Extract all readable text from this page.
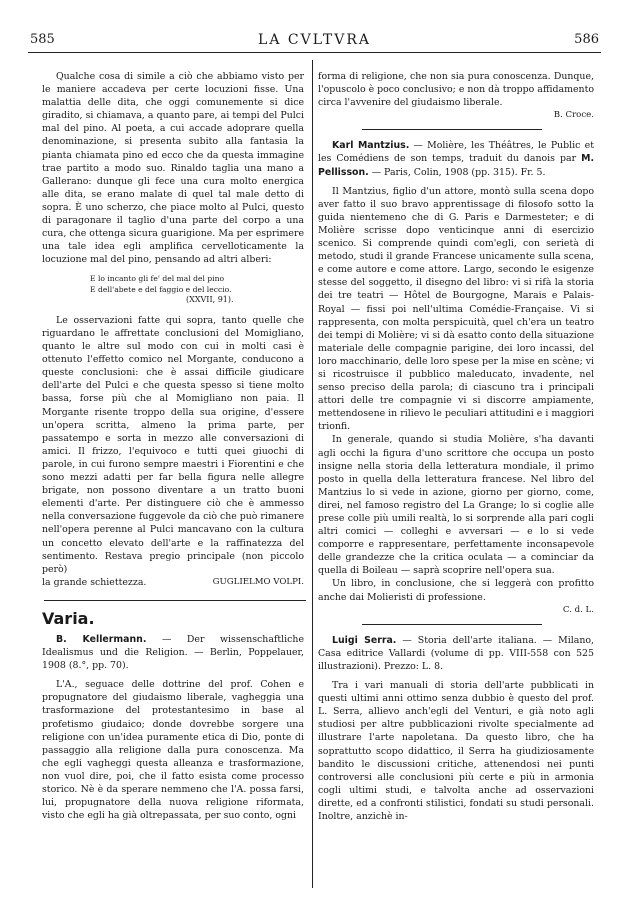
585	LA CVLTVRA	586

Qualche cosa di simile a ciò che abbiamo visto per le maniere accadeva per certe locuzioni fisse. Una malattia delle dita, che oggi comunemente si dice giradito, si chiamava, a quanto pare, ai tempi del Pulci mal del pino. Al poeta, a cui accade adoprare quella denominazione, si presenta subito alla fantasia la pianta chiamata pino ed ecco che da questa immagine trae partito a modo suo. Rinaldo taglia una mano a Gallerano: dunque gli fece una cura molto energica alle dita, se erano malate di quel tal male detto di sopra. È uno scherzo, che piace molto al Pulci, questo di paragonare il taglio d'una parte del corpo a una cura, che ottenga sicura guarigione. Ma per esprimere una tale idea egli amplifica cervelloticamente la locuzione mal del pino, pensando ad altri alberi:

E lo incanto gli fe' del mal del pino
E dell'abete e del faggio e del leccio.
(XXVII, 91).

Le osservazioni fatte qui sopra, tanto quelle che riguardano le affrettate conclusioni del Momigliano, quanto le altre sul modo con cui in molti casi è ottenuto l'effetto comico nel Morgante, conducono a queste conclusioni: che è assai difficile giudicare dell'arte del Pulci e che questa spesso si tiene molto bassa, forse più che al Momigliano non paia. Il Morgante risente troppo della sua origine, d'essere un'opera scritta, almeno la prima parte, per passatempo e sorta in mezzo alle conversazioni di amici. Il frizzo, l'equivoco e tutti quei giuochi di parole, in cui furono sempre maestri i Fiorentini e che sono mezzi adatti per far bella figura nelle allegre brigate, non possono diventare a un tratto buoni elementi d'arte. Per distinguere ciò che è ammesso nella conversazione fuggevole da ciò che può rimanere nell'opera perenne al Pulci mancavano con la cultura un concetto elevato dell'arte e la raffinatezza del sentimento. Restava pregio principale (non piccolo però)

la grande schiettezza.	GUGLIELMO VOLPI.
Varia.

B. Kellermann. — Der wissenschaftliche Idealismus und die Religion. — Berlin, Poppelauer, 1908 (8.°, pp. 70).

L'A., seguace delle dottrine del prof. Cohen e propugnatore del giudaismo liberale, vagheggia una trasformazione del protestantesimo in base al profetismo giudaico; donde dovrebbe sorgere una religione con un'idea puramente etica di Dio, ponte di passaggio alla religione dalla pura conoscenza. Ma che egli vagheggi questa alleanza e trasformazione, non vuol dire, poi, che il fatto esista come processo storico. Nè è da sperare nemmeno che l'A. possa farsi, lui, propugnatore della nuova religione riformata, visto che egli ha già oltrepassata, per suo conto, ogni

forma di religione, che non sia pura conoscenza. Dunque, l'opuscolo è poco conclusivo; e non dà troppo affidamento circa l'avvenire del giudaismo liberale.

B. Croce.

Karl Mantzius. — Molière, les Théâtres, le Public et les Comédiens de son temps, traduit du danois par M. Pellisson. — Paris, Colin, 1908 (pp. 315). Fr. 5.

Il Mantzius, figlio d'un attore, montò sulla scena dopo aver fatto il suo bravo apprentissage di filosofo sotto la guida nientemeno che di G. Paris e Darmesteter; e di Molière scrisse dopo venticinque anni di esercizio scenico. Si comprende quindi com'egli, con serietà di metodo, studi il grande Francese unicamente sulla scena, e come autore e come attore. Largo, secondo le esigenze stesse del soggetto, il disegno del libro: vi si rifà la storia dei tre teatri — Hôtel de Bourgogne, Marais e Palais-Royal — fissi poi nell'ultima Comédie-Française. Vi si rappresenta, con molta perspicuità, quel ch'era un teatro dei tempi di Molière; vi si dà esatto conto della situazione materiale delle compagnie parigine, dei loro incassi, del loro macchinario, delle loro spese per la mise en scène; vi si ricostruisce il pubblico maleducato, invadente, nel senso preciso della parola; di ciascuno tra i principali attori delle tre compagnie vi si discorre ampiamente, mettendosene in rilievo le peculiari attitudini e i maggiori trionfi.

In generale, quando si studia Molière, s'ha davanti agli occhi la figura d'uno scrittore che occupa un posto insigne nella storia della letteratura mondiale, il primo posto in quella della letteratura francese. Nel libro del Mantzius lo si vede in azione, giorno per giorno, come, direi, nel famoso registro del La Grange; lo si coglie alle prese colle più umili realtà, lo si sorprende alla pari cogli altri comici — colleghi e avversari — e lo si vede comporre e rappresentare, perfettamente inconsapevole delle grandezze che la critica oculata — a cominciar da quella di Boileau — saprà scoprire nell'opera sua.

Un libro, in conclusione, che si leggerà con profitto anche dai Molieristi di professione.

C. d. L.

Luigi Serra. — Storia dell'arte italiana. — Milano, Casa editrice Vallardi (volume di pp. VIII-558 con 525 illustrazioni). Prezzo: L. 8.

Tra i vari manuali di storia dell'arte pubblicati in questi ultimi anni ottimo senza dubbio è questo del prof. L. Serra, allievo anch'egli del Venturi, e già noto agli studiosi per altre pubblicazioni rivolte specialmente ad illustrare l'arte napoletana. Da questo libro, che ha soprattutto scopo didattico, il Serra ha giudiziosamente bandito le discussioni critiche, attenendosi nei punti controversi alle conclusioni più certe e più in armonia cogli ultimi studi, e talvolta anche ad osservazioni dirette, ed a confronti stilistici, fondati su studi personali. Inoltre, anzichè in-
